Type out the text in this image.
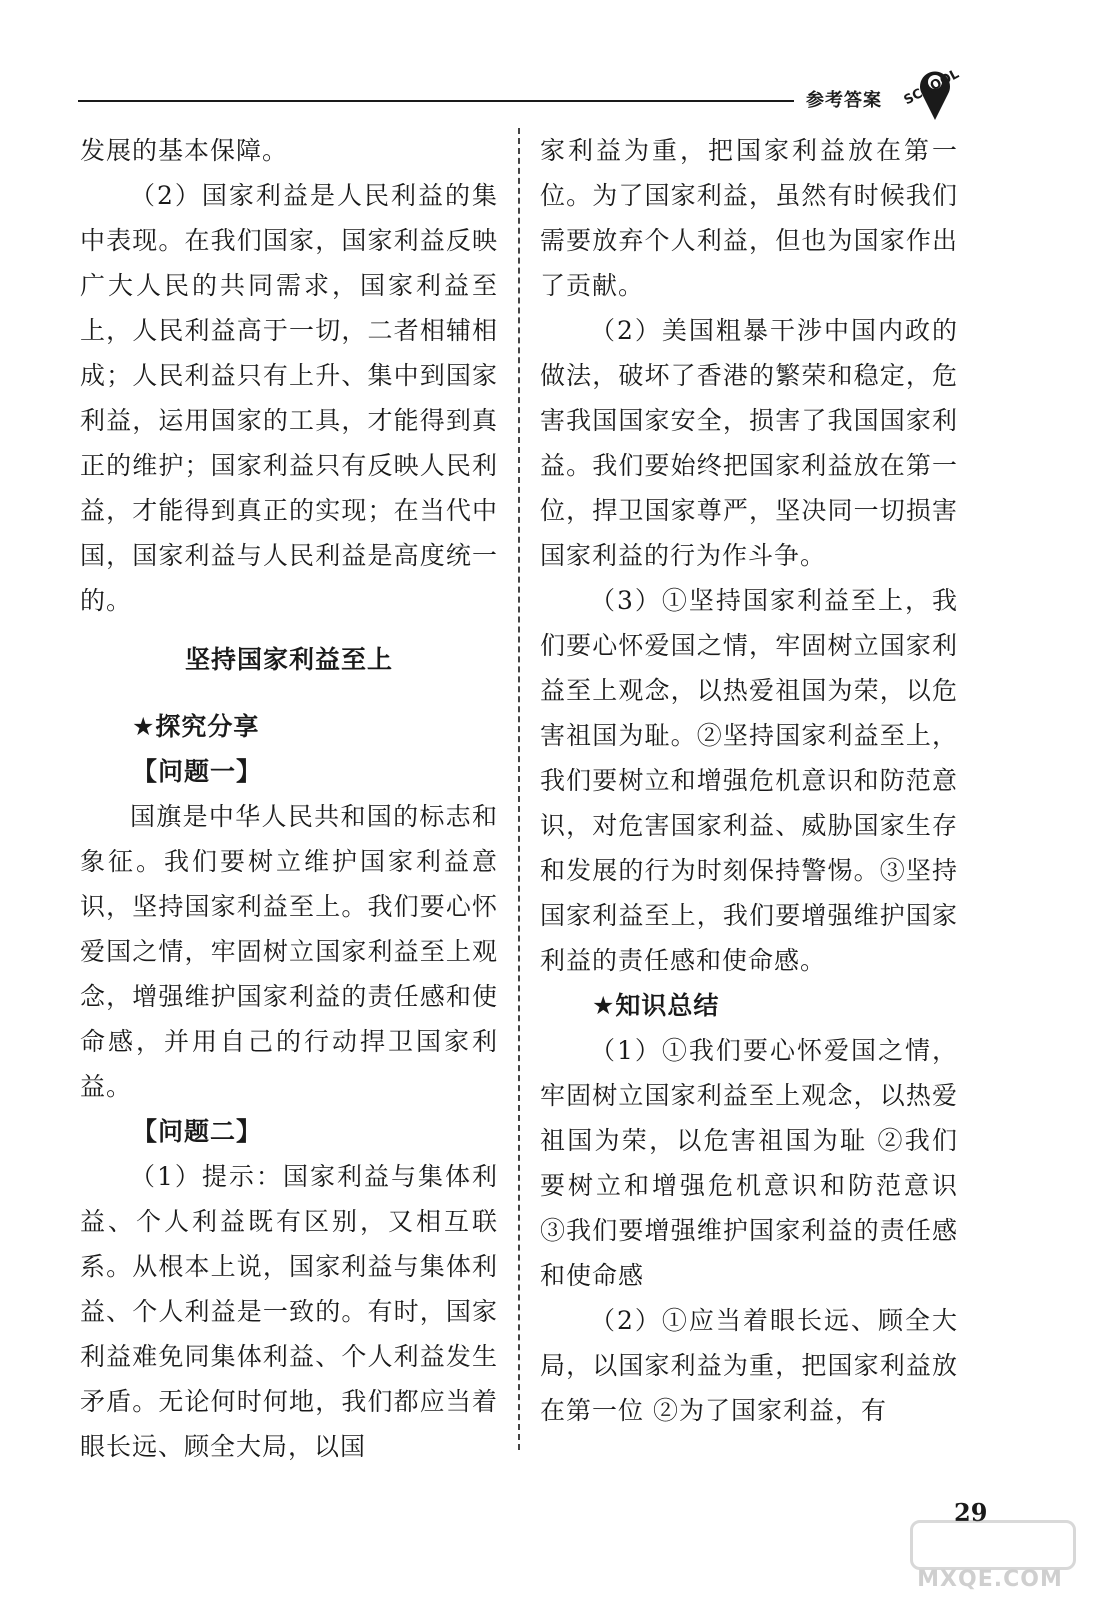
参考答案 SCHOOL

发展的基本保障。

（2）国家利益是人民利益的集中表现。在我们国家，国家利益反映广大人民的共同需求，国家利益至上，人民利益高于一切，二者相辅相成；人民利益只有上升、集中到国家利益，运用国家的工具，才能得到真正的维护；国家利益只有反映人民利益，才能得到真正的实现；在当代中国，国家利益与人民利益是高度统一的。

坚持国家利益至上

★探究分享

【问题一】

国旗是中华人民共和国的标志和象征。我们要树立维护国家利益意识，坚持国家利益至上。我们要心怀爱国之情，牢固树立国家利益至上观念，增强维护国家利益的责任感和使命感，并用自己的行动捍卫国家利益。

【问题二】

（1）提示：国家利益与集体利益、个人利益既有区别，又相互联系。从根本上说，国家利益与集体利益、个人利益是一致的。有时，国家利益难免同集体利益、个人利益发生矛盾。无论何时何地，我们都应当着眼长远、顾全大局，以国

家利益为重，把国家利益放在第一位。为了国家利益，虽然有时候我们需要放弃个人利益，但也为国家作出了贡献。

（2）美国粗暴干涉中国内政的做法，破坏了香港的繁荣和稳定，危害我国国家安全，损害了我国国家利益。我们要始终把国家利益放在第一位，捍卫国家尊严，坚决同一切损害国家利益的行为作斗争。

（3）①坚持国家利益至上，我们要心怀爱国之情，牢固树立国家利益至上观念，以热爱祖国为荣，以危害祖国为耻。②坚持国家利益至上，我们要树立和增强危机意识和防范意识，对危害国家利益、威胁国家生存和发展的行为时刻保持警惕。③坚持国家利益至上，我们要增强维护国家利益的责任感和使命感。

★知识总结

（1）①我们要心怀爱国之情，牢固树立国家利益至上观念，以热爱祖国为荣，以危害祖国为耻 ②我们要树立和增强危机意识和防范意识 ③我们要增强维护国家利益的责任感和使命感

（2）①应当着眼长远、顾全大局，以国家利益为重，把国家利益放在第一位 ②为了国家利益，有

29
MXQE.COM
